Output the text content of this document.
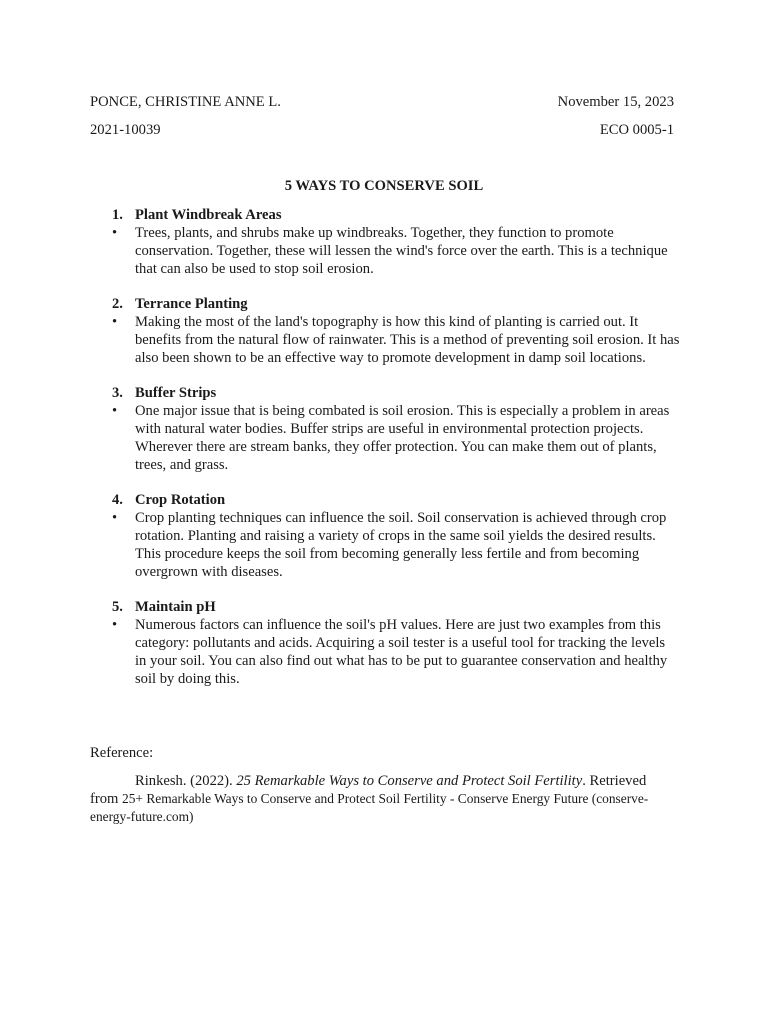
PONCE, CHRISTINE ANNE L.	November 15, 2023
2021-10039	ECO 0005-1
5 WAYS TO CONSERVE SOIL
1. Plant Windbreak Areas
• Trees, plants, and shrubs make up windbreaks. Together, they function to promote conservation. Together, these will lessen the wind's force over the earth. This is a technique that can also be used to stop soil erosion.
2. Terrance Planting
• Making the most of the land's topography is how this kind of planting is carried out. It benefits from the natural flow of rainwater. This is a method of preventing soil erosion. It has also been shown to be an effective way to promote development in damp soil locations.
3. Buffer Strips
• One major issue that is being combated is soil erosion. This is especially a problem in areas with natural water bodies. Buffer strips are useful in environmental protection projects. Wherever there are stream banks, they offer protection. You can make them out of plants, trees, and grass.
4. Crop Rotation
• Crop planting techniques can influence the soil. Soil conservation is achieved through crop rotation. Planting and raising a variety of crops in the same soil yields the desired results. This procedure keeps the soil from becoming generally less fertile and from becoming overgrown with diseases.
5. Maintain pH
• Numerous factors can influence the soil's pH values. Here are just two examples from this category: pollutants and acids. Acquiring a soil tester is a useful tool for tracking the levels in your soil. You can also find out what has to be put to guarantee conservation and healthy soil by doing this.
Reference:
Rinkesh. (2022). 25 Remarkable Ways to Conserve and Protect Soil Fertility. Retrieved from 25+ Remarkable Ways to Conserve and Protect Soil Fertility - Conserve Energy Future (conserve-energy-future.com)
